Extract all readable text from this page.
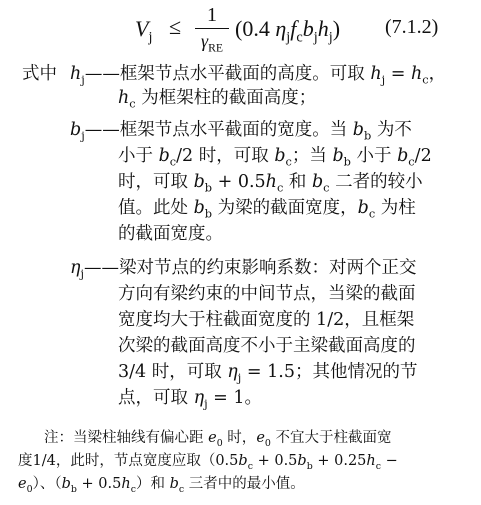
$V_j$ ≤	1
$\gamma_{RE}$
(0.4 $\eta_jf_cb_jh_j$) (7.1.2)
式中 $h_j——$框架节点水平截面的高度。可取 $h_j = h_c$，
$h_c$ 为框架柱的截面高度；
$b_j——$框架节点水平截面的宽度。当 $b_b$ 为不
小于 $b_c/2$ 时，可取 $b_c$；当 $b_b$ 小于 $b_c/2$
时，可取 $b_b + 0.5h_c$ 和 $b_c$ 二者的较小
值。此处 $b_b$ 为梁的截面宽度，$b_c$ 为柱
的截面宽度。
$\eta_j——$梁对节点的约束影响系数：对两个正交
方向有梁约束的中间节点，当梁的截面
宽度均大于柱截面宽度的 1/2，且框架
次梁的截面高度不小于主梁截面高度的
3/4 时，可取 $\eta_j = 1.5$；其他情况的节
点，可取 $\eta_j = 1$。
注：当梁柱轴线有偏心距 $e_0$ 时，$e_0$ 不宜大于柱截面宽
度1/4，此时，节点宽度应取（$0.5b_c + 0.5b_b + 0.25h_c$ −
$e_0$）、$(b_b + 0.5h_c)$和 $b_c$ 三者中的最小值。
